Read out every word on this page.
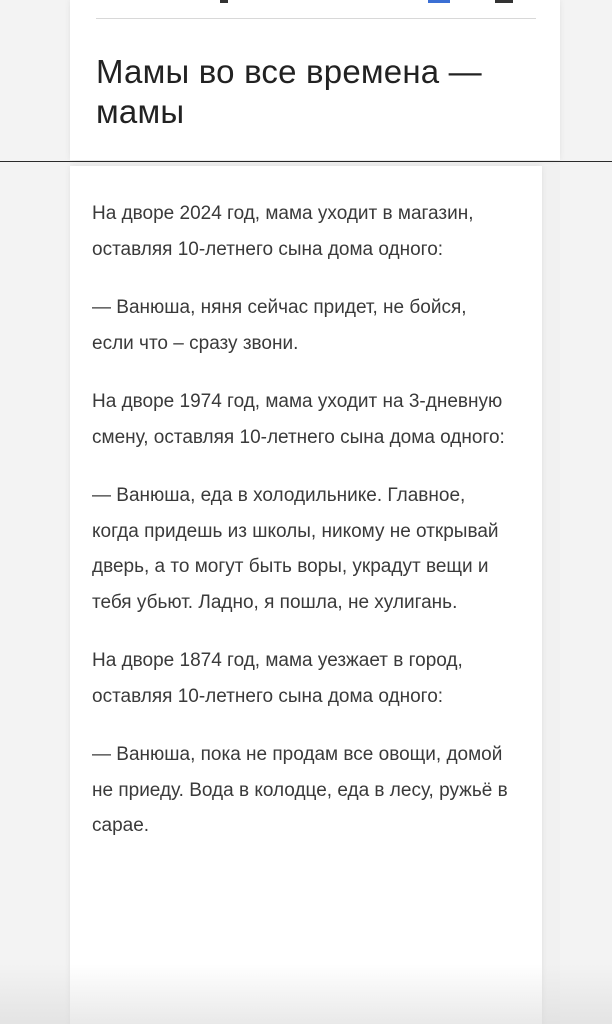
Мамы во все времена — мамы

На дворе 2024 год, мама уходит в магазин, оставляя 10-летнего сына дома одного:

— Ванюша, няня сейчас придет, не бойся, если что – сразу звони.

На дворе 1974 год, мама уходит на 3-дневную смену, оставляя 10-летнего сына дома одного:

— Ванюша, еда в холодильнике. Главное, когда придешь из школы, никому не открывай дверь, а то могут быть воры, украдут вещи и тебя убьют. Ладно, я пошла, не хулигань.

На дворе 1874 год, мама уезжает в город, оставляя 10-летнего сына дома одного:

— Ванюша, пока не продам все овощи, домой не приеду. Вода в колодце, еда в лесу, ружьё в сарае.
